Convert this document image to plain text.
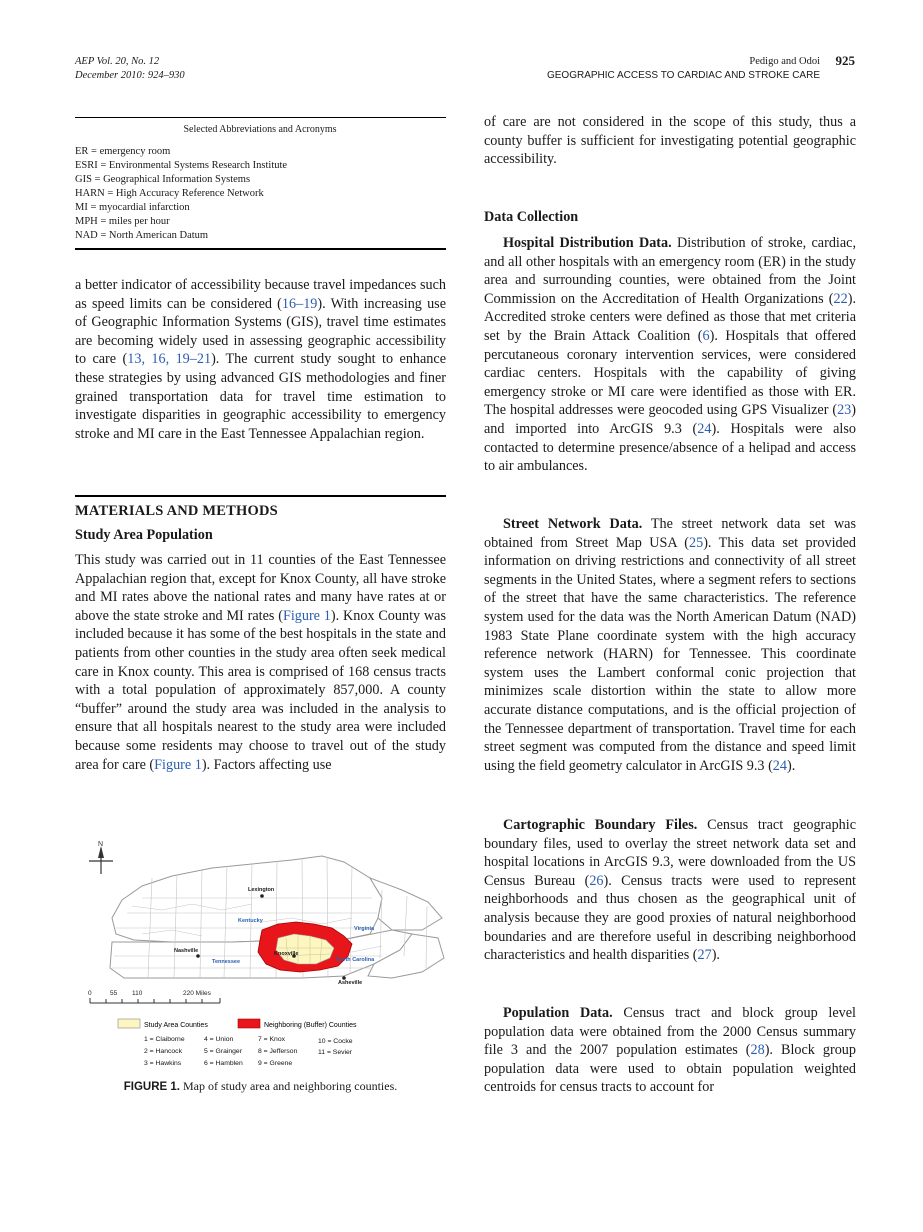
AEP Vol. 20, No. 12
December 2010: 924–930
Pedigo and Odoi
GEOGRAPHIC ACCESS TO CARDIAC AND STROKE CARE
925
Selected Abbreviations and Acronyms
ER = emergency room
ESRI = Environmental Systems Research Institute
GIS = Geographical Information Systems
HARN = High Accuracy Reference Network
MI = myocardial infarction
MPH = miles per hour
NAD = North American Datum
a better indicator of accessibility because travel impedances such as speed limits can be considered (16–19). With increasing use of Geographic Information Systems (GIS), travel time estimates are becoming widely used in assessing geographic accessibility to care (13, 16, 19–21). The current study sought to enhance these strategies by using advanced GIS methodologies and finer grained transportation data for travel time estimation to investigate disparities in geographic accessibility to emergency stroke and MI care in the East Tennessee Appalachian region.
MATERIALS AND METHODS
Study Area Population
This study was carried out in 11 counties of the East Tennessee Appalachian region that, except for Knox County, all have stroke and MI rates above the national rates and many have rates at or above the state stroke and MI rates (Figure 1). Knox County was included because it has some of the best hospitals in the state and patients from other counties in the study area often seek medical care in Knox county. This area is comprised of 168 census tracts with a total population of approximately 857,000. A county “buffer” around the study area was included in the analysis to ensure that all hospitals nearest to the study area were included because some residents may choose to travel out of the study area for care (Figure 1). Factors affecting use
N
Lexington
Kentucky
Virginia
Nashville
Tennessee
Knoxville
North Carolina
Asheville
0	55 110	220 Miles
Study Area Counties	Neighboring (Buffer) Counties
1 = Claiborne	4 = Union	7 = Knox	10 = Cocke
2 = Hancock	5 = Grainger 8 = Jefferson	11 = Sevier
3 = Hawkins	6 = Hamblen 9 = Greene
FIGURE 1. Map of study area and neighboring counties.
of care are not considered in the scope of this study, thus a county buffer is sufficient for investigating potential geographic accessibility.
Data Collection
Hospital Distribution Data. Distribution of stroke, cardiac, and all other hospitals with an emergency room (ER) in the study area and surrounding counties, were obtained from the Joint Commission on the Accreditation of Health Organizations (22). Accredited stroke centers were defined as those that met criteria set by the Brain Attack Coalition (6). Hospitals that offered percutaneous coronary intervention services, were considered cardiac centers. Hospitals with the capability of giving emergency stroke or MI care were identified as those with ER. The hospital addresses were geocoded using GPS Visualizer (23) and imported into ArcGIS 9.3 (24). Hospitals were also contacted to determine presence/absence of a helipad and access to air ambulances.
Street Network Data. The street network data set was obtained from Street Map USA (25). This data set provided information on driving restrictions and connectivity of all street segments in the United States, where a segment refers to sections of the street that have the same characteristics. The reference system used for the data was the North American Datum (NAD) 1983 State Plane coordinate system with the high accuracy reference network (HARN) for Tennessee. This coordinate system uses the Lambert conformal conic projection that minimizes scale distortion within the state to allow more accurate distance computations, and is the official projection of the Tennessee department of transportation. Travel time for each street segment was computed from the distance and speed limit using the field geometry calculator in ArcGIS 9.3 (24).
Cartographic Boundary Files. Census tract geographic boundary files, used to overlay the street network data set and hospital locations in ArcGIS 9.3, were downloaded from the US Census Bureau (26). Census tracts were used to represent neighborhoods and thus chosen as the geographical unit of analysis because they are good proxies of natural neighborhood boundaries and are therefore useful in describing neighborhood characteristics and health disparities (27).
Population Data. Census tract and block group level population data were obtained from the 2000 Census summary file 3 and the 2007 population estimates (28). Block group population data were used to obtain population weighted centroids for census tracts to account for
